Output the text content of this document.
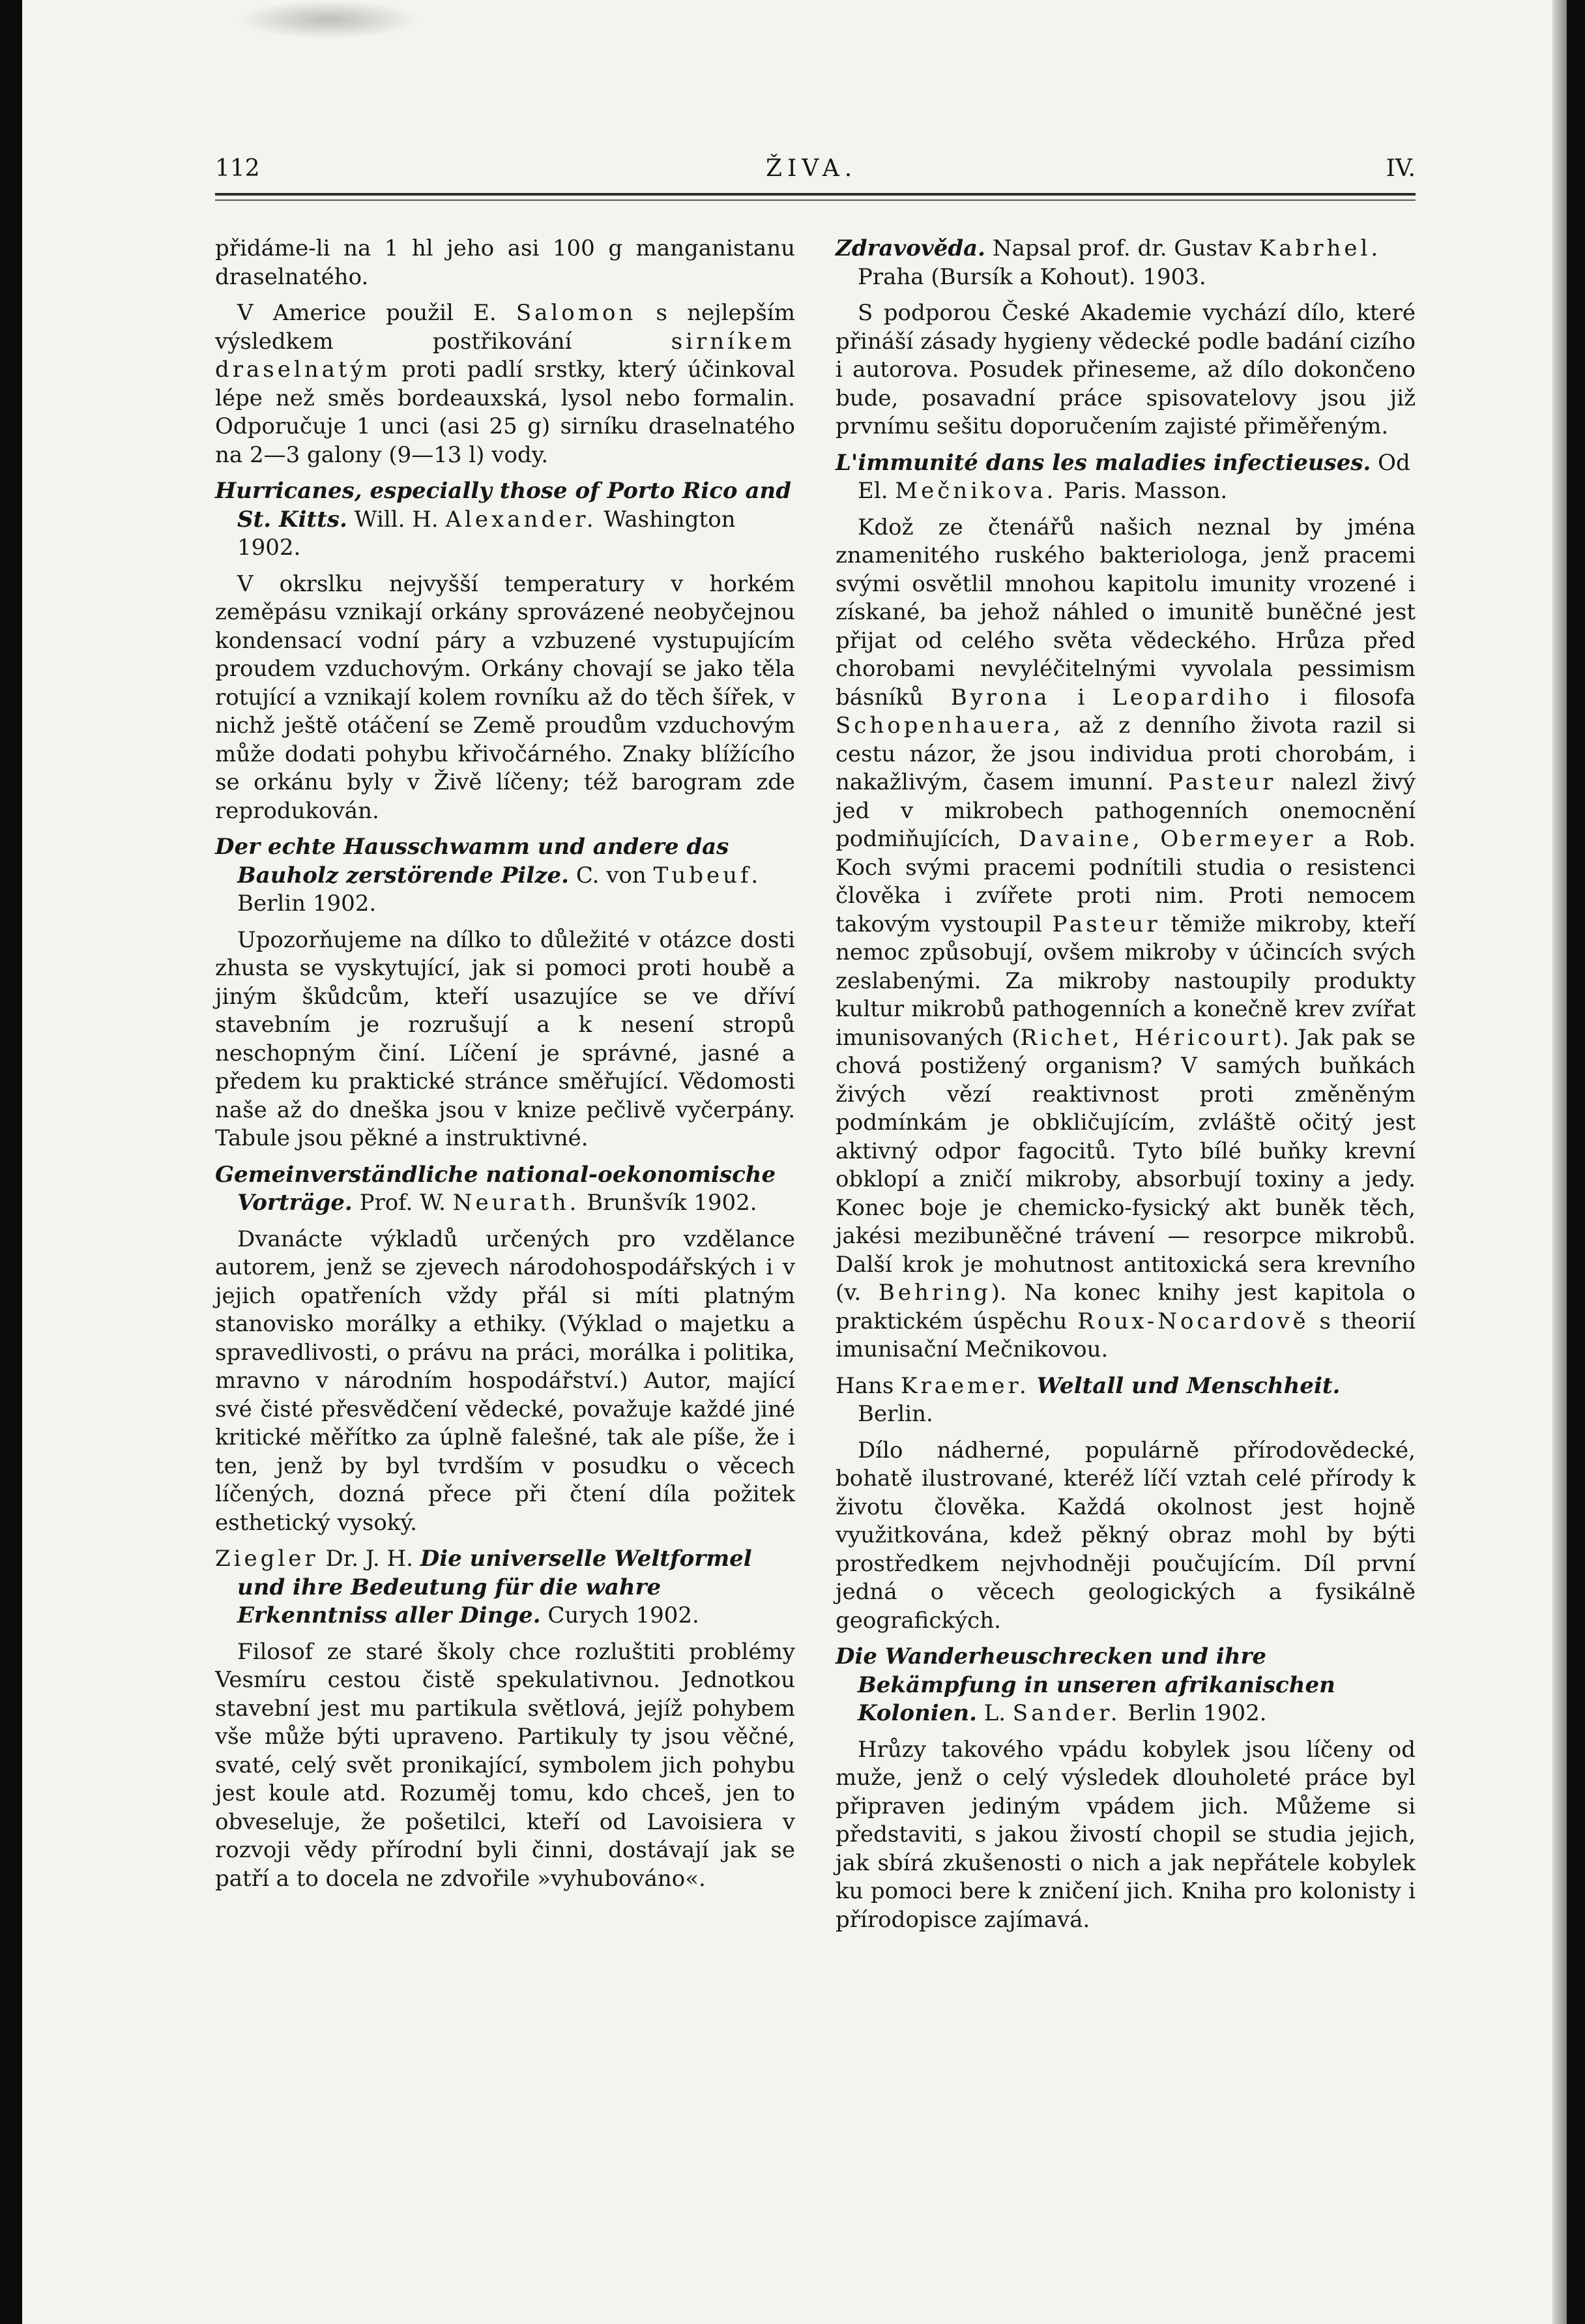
112	ŽIVA.	IV.

přidáme-li na 1 hl jeho asi 100 g manganistanu draselnatého.

V Americe použil E. Salomon s nejlepším výsledkem postřikování sirníkem draselnatým proti padlí srstky, který účinkoval lépe než směs bordeauxská, lysol nebo formalin. Odporučuje 1 unci (asi 25 g) sirníku draselnatého na 2—3 galony (9—13 l) vody.

Hurricanes, especially those of Porto Rico and St. Kitts. Will. H. Alexander. Washington 1902.

V okrslku nejvyšší temperatury v horkém zeměpásu vznikají orkány sprovázené neobyčejnou kondensací vodní páry a vzbuzené vystupujícím proudem vzduchovým. Orkány chovají se jako těla rotující a vznikají kolem rovníku až do těch šířek, v nichž ještě otáčení se Země proudům vzduchovým může dodati pohybu křivočárného. Znaky blížícího se orkánu byly v Živě líčeny; též barogram zde reprodukován.

Der echte Hausschwamm und andere das Bauholz zerstörende Pilze. C. von Tubeuf. Berlin 1902.

Upozorňujeme na dílko to důležité v otázce dosti zhusta se vyskytující, jak si pomoci proti houbě a jiným škůdcům, kteří usazujíce se ve dříví stavebním je rozrušují a k nesení stropů neschopným činí. Líčení je správné, jasné a předem ku praktické stránce směřující. Vědomosti naše až do dneška jsou v knize pečlivě vyčerpány. Tabule jsou pěkné a instruktivné.

Gemeinverständliche national-oekonomische Vorträge. Prof. W. Neurath. Brunšvík 1902.

Dvanácte výkladů určených pro vzdělance autorem, jenž se zjevech národohospodářských i v jejich opatřeních vždy přál si míti platným stanovisko morálky a ethiky. (Výklad o majetku a spravedlivosti, o právu na práci, morálka i politika, mravno v národním hospodářství.) Autor, mající své čisté přesvědčení vědecké, považuje každé jiné kritické měřítko za úplně falešné, tak ale píše, že i ten, jenž by byl tvrdším v posudku o věcech líčených, dozná přece při čtení díla požitek esthetický vysoký.

Ziegler Dr. J. H. Die universelle Weltformel und ihre Bedeutung für die wahre Erkenntniss aller Dinge. Curych 1902.

Filosof ze staré školy chce rozluštiti problémy Vesmíru cestou čistě spekulativnou. Jednotkou stavební jest mu partikula světlová, jejíž pohybem vše může býti upraveno. Partikuly ty jsou věčné, svaté, celý svět pronikající, symbolem jich pohybu jest koule atd. Rozuměj tomu, kdo chceš, jen to obveseluje, že pošetilci, kteří od Lavoisiera v rozvoji vědy přírodní byli činni, dostávají jak se patří a to docela ne zdvořile »vyhubováno«.

Zdravověda. Napsal prof. dr. Gustav Kabrhel. Praha (Bursík a Kohout). 1903.

S podporou České Akademie vychází dílo, které přináší zásady hygieny vědecké podle badání cizího i autorova. Posudek přineseme, až dílo dokončeno bude, posavadní práce spisovatelovy jsou již prvnímu sešitu doporučením zajisté přiměřeným.

L'immunité dans les maladies infectieuses. Od El. Mečnikova. Paris. Masson.

Kdož ze čtenářů našich neznal by jména znamenitého ruského bakteriologa, jenž pracemi svými osvětlil mnohou kapitolu imunity vrozené i získané, ba jehož náhled o imunitě buněčné jest přijat od celého světa vědeckého. Hrůza před chorobami nevyléčitelnými vyvolala pessimism básníků Byrona i Leopardiho i filosofa Schopenhauera, až z denního života razil si cestu názor, že jsou individua proti chorobám, i nakažlivým, časem imunní. Pasteur nalezl živý jed v mikrobech pathogenních onemocnění podmiňujících, Davaine, Obermeyer a Rob. Koch svými pracemi podnítili studia o resistenci člověka i zvířete proti nim. Proti nemocem takovým vystoupil Pasteur těmiže mikroby, kteří nemoc způsobují, ovšem mikroby v účincích svých zeslabenými. Za mikroby nastoupily produkty kultur mikrobů pathogenních a konečně krev zvířat imunisovaných (Richet, Héricourt). Jak pak se chová postižený organism? V samých buňkách živých vězí reaktivnost proti změněným podmínkám je obkličujícím, zvláště očitý jest aktivný odpor fagocitů. Tyto bílé buňky krevní obklopí a zničí mikroby, absorbují toxiny a jedy. Konec boje je chemicko-fysický akt buněk těch, jakési mezibuněčné trávení — resorpce mikrobů. Další krok je mohutnost antitoxická sera krevního (v. Behring). Na konec knihy jest kapitola o praktickém úspěchu Roux-Nocardově s theorií imunisační Mečnikovou.

Hans Kraemer. Weltall und Menschheit. Berlin.

Dílo nádherné, populárně přírodovědecké, bohatě ilustrované, kteréž líčí vztah celé přírody k životu člověka. Každá okolnost jest hojně využitkována, kdež pěkný obraz mohl by býti prostředkem nejvhodněji poučujícím. Díl první jedná o věcech geologických a fysikálně geografických.

Die Wanderheuschrecken und ihre Bekämpfung in unseren afrikanischen Kolonien. L. Sander. Berlin 1902.

Hrůzy takového vpádu kobylek jsou líčeny od muže, jenž o celý výsledek dlouholeté práce byl připraven jediným vpádem jich. Můžeme si představiti, s jakou živostí chopil se studia jejich, jak sbírá zkušenosti o nich a jak nepřátele kobylek ku pomoci bere k zničení jich. Kniha pro kolonisty i přírodopisce zajímavá.
